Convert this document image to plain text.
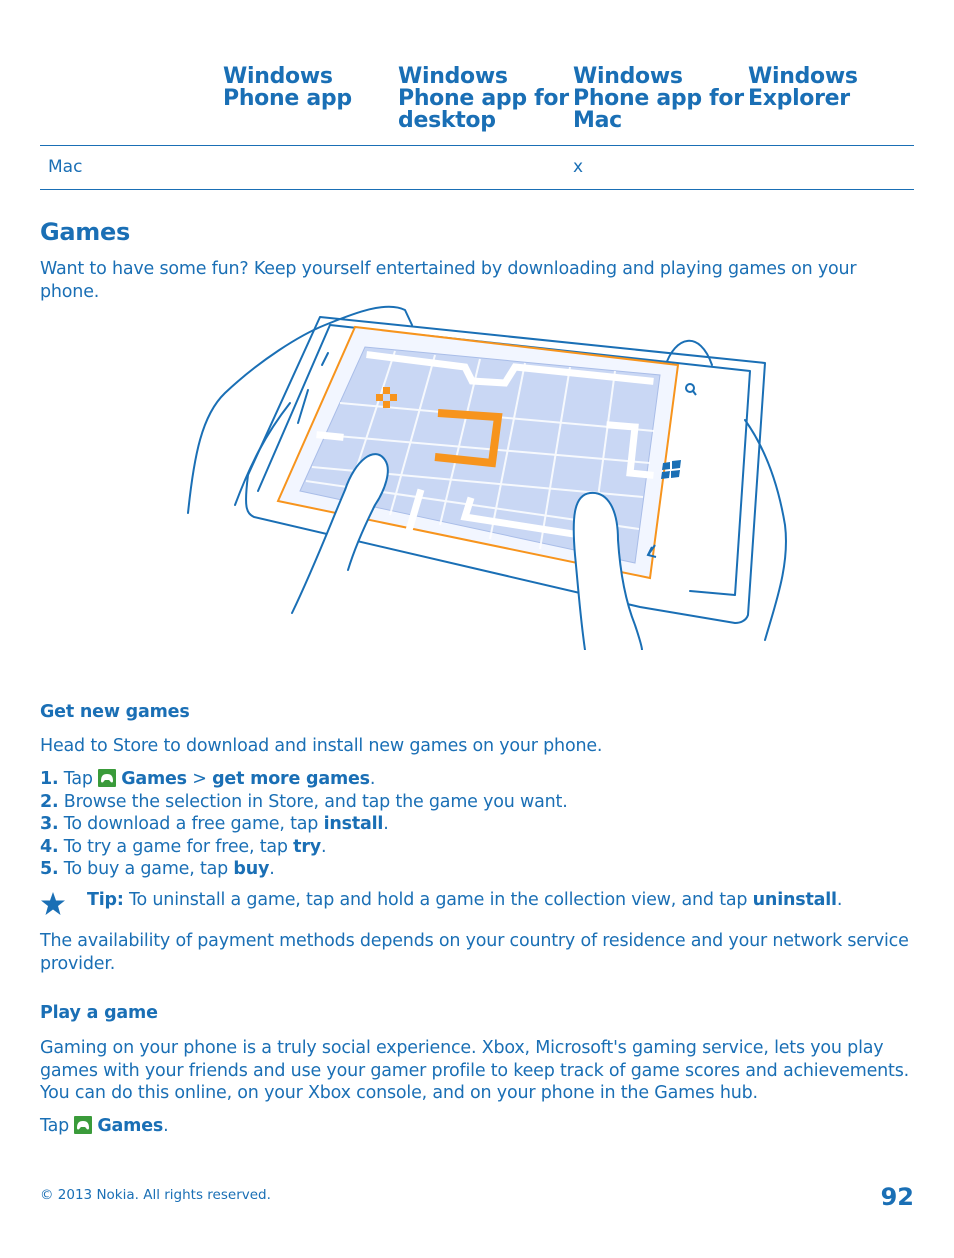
Windows
Phone app
Windows
Phone app for
desktop
Windows
Phone app for
Mac
Windows
Explorer
Mac	x
Games
Want to have some fun? Keep yourself entertained by downloading and playing games on your phone.
Get new games
Head to Store to download and install new games on your phone.
1. Tap
Games > get more games.
2. Browse the selection in Store, and tap the game you want.
3. To download a free game, tap install.
4. To try a game for free, tap try.
5. To buy a game, tap buy.
Tip: To uninstall a game, tap and hold a game in the collection view, and tap uninstall.
The availability of payment methods depends on your country of residence and your network service provider.
Play a game
Gaming on your phone is a truly social experience. Xbox, Microsoft's gaming service, lets you play games with your friends and use your gamer profile to keep track of game scores and achievements. You can do this online, on your Xbox console, and on your phone in the Games hub.
Tap
Games.
© 2013 Nokia. All rights reserved.	92
